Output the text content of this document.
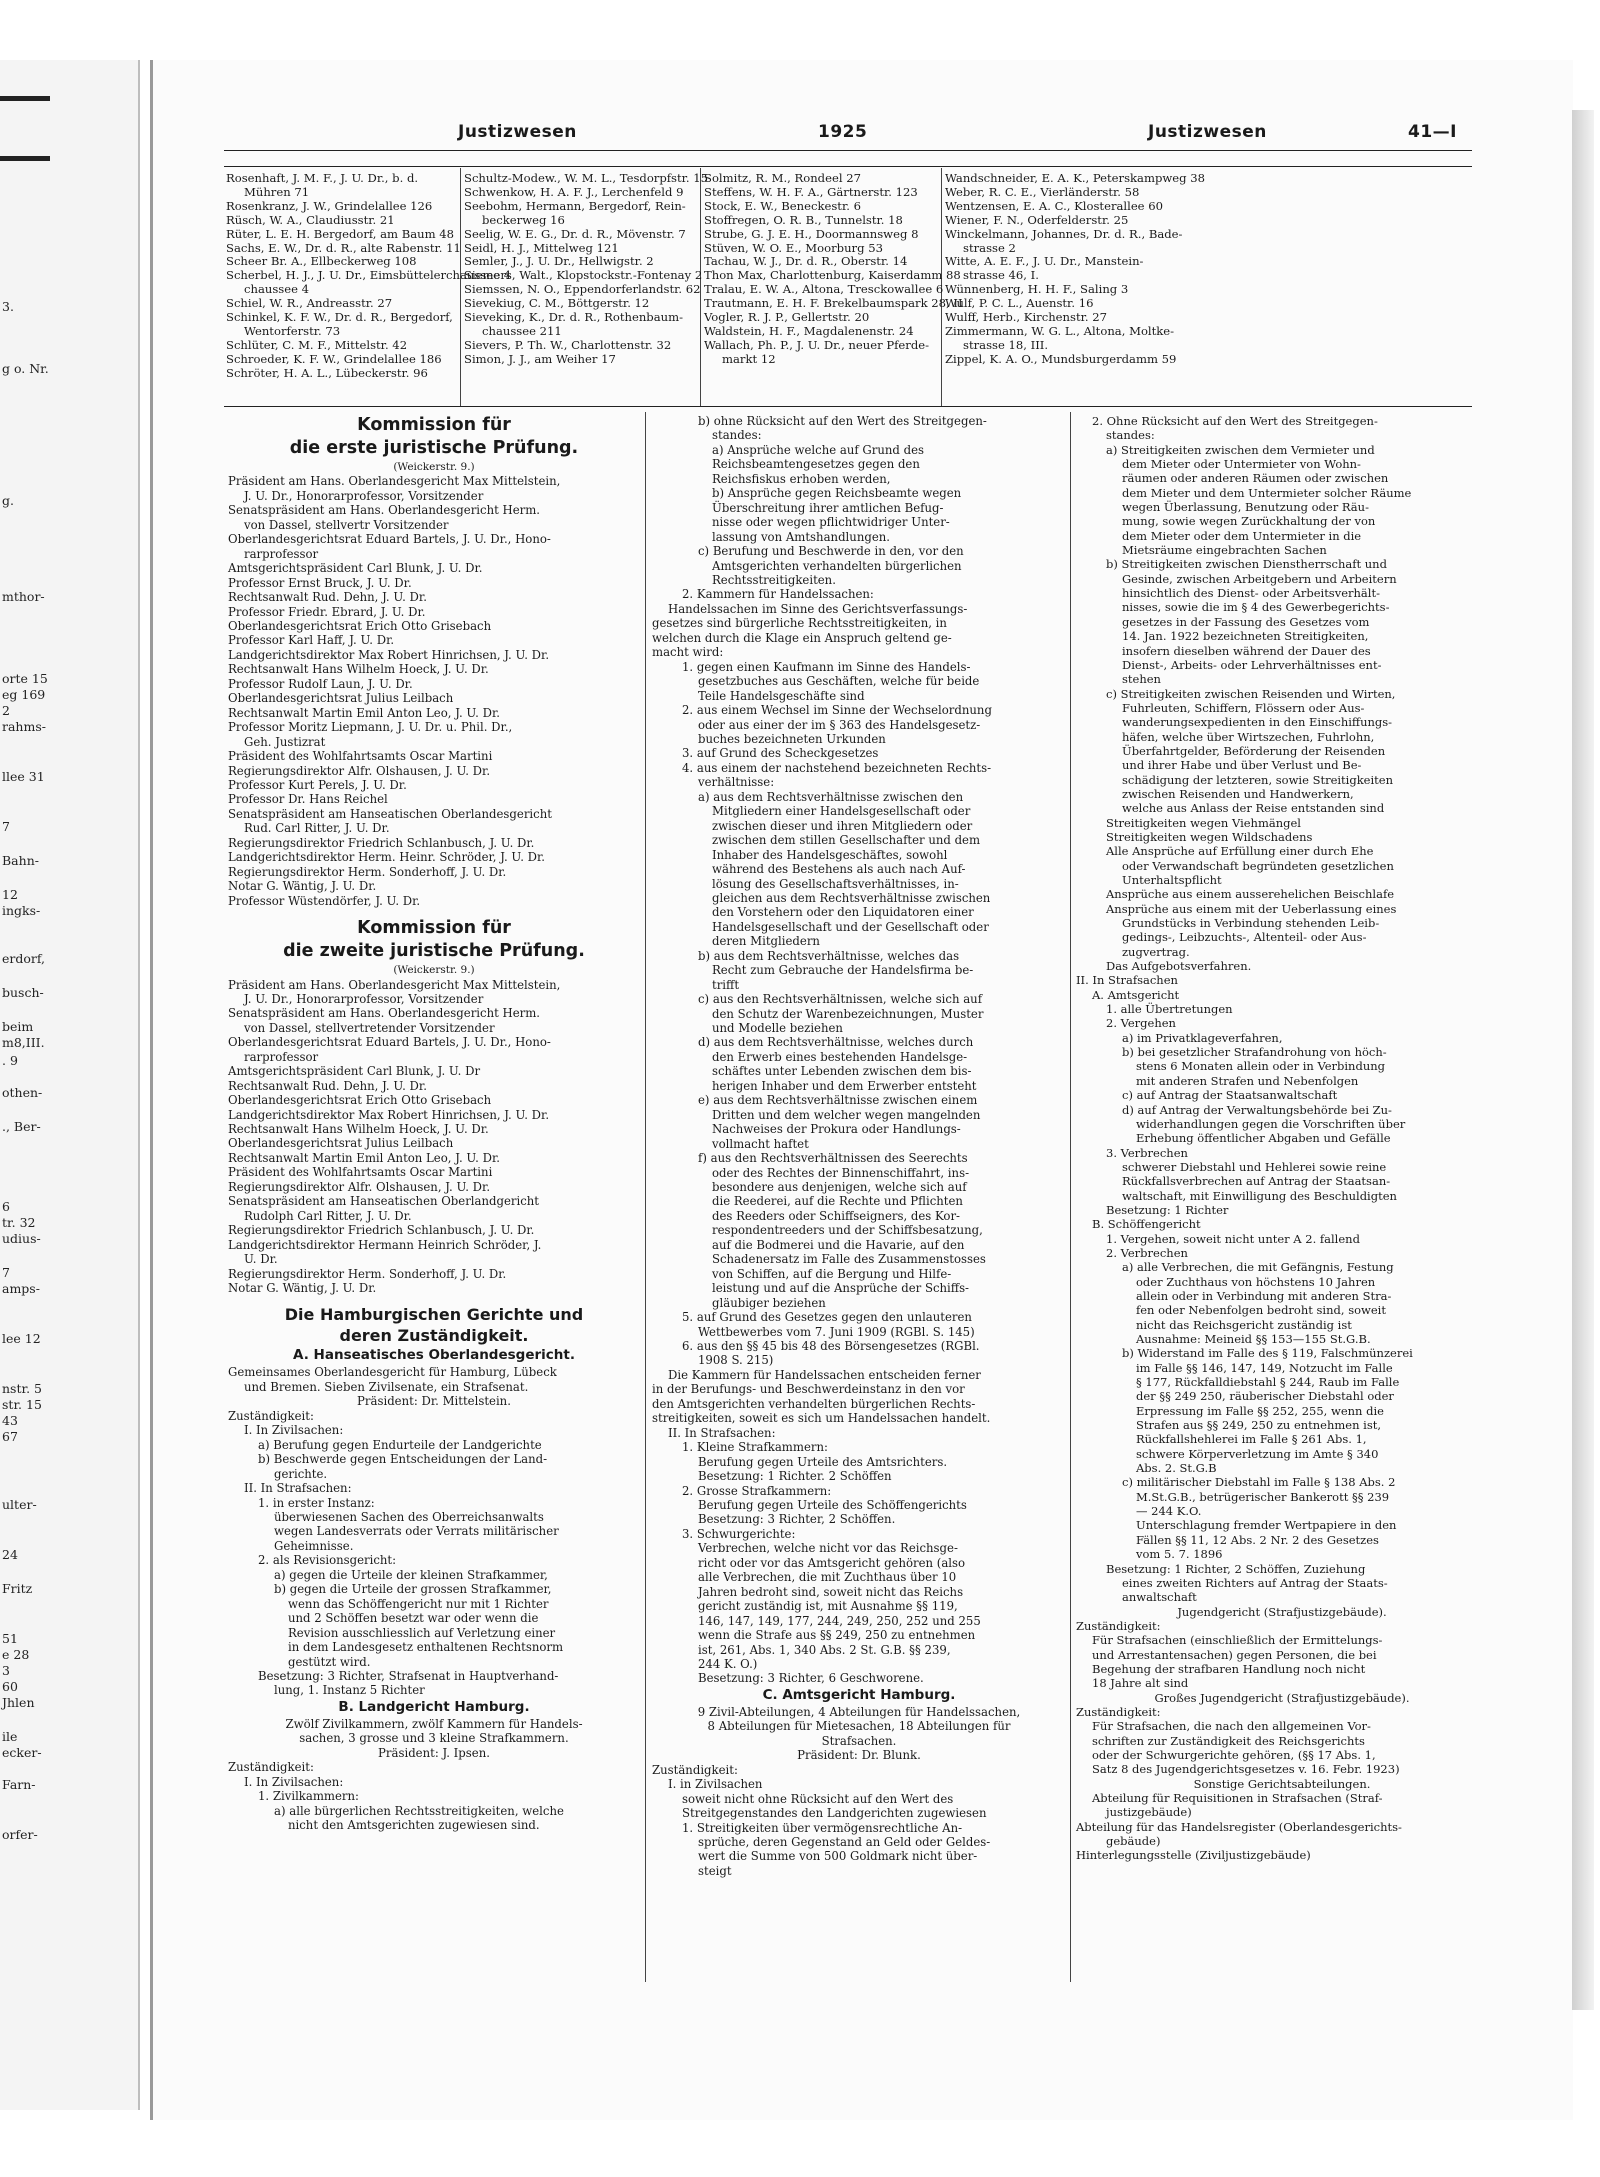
3.
g o. Nr.
g.
mthor-
orte 15
eg 169
2
rahms-
llee 31
7
Bahn-
12
ingks-
erdorf,
busch-
beim
m8,III.
. 9
othen-
., Ber-
6
tr. 32
udius-
7
amps-
lee 12
nstr. 5
str. 15
43
67
ulter-
24
Fritz
51
e 28
3
60
Jhlen
ile
ecker-
Farn-
orfer-
Justizwesen	1925	Justizwesen	41—I
Rosenhaft, J. M. F., J. U. Dr., b. d.
Mühren 71
Rosenkranz, J. W., Grindelallee 126
Rüsch, W. A., Claudiusstr. 21
Rüter, L. E. H. Bergedorf, am Baum 48
Sachs, E. W., Dr. d. R., alte Rabenstr. 11
Scheer Br. A., Ellbeckerweg 108
Scherbel, H. J., J. U. Dr., Eimsbüttelerchaussee 4
chaussee 4
Schiel, W. R., Andreasstr. 27
Schinkel, K. F. W., Dr. d. R., Bergedorf,
Wentorferstr. 73
Schlüter, C. M. F., Mittelstr. 42
Schroeder, K. F. W., Grindelallee 186
Schröter, H. A. L., Lübeckerstr. 96
Schultz-Modew., W. M. L., Tesdorpfstr. 15
Schwenkow, H. A. F. J., Lerchenfeld 9
Seebohm, Hermann, Bergedorf, Rein-
beckerweg 16
Seelig, W. E. G., Dr. d. R., Mövenstr. 7
Seidl, H. J., Mittelweg 121
Semler, J., J. U. Dr., Hellwigstr. 2
Siemers, Walt., Klopstockstr.-Fontenay 2
Siemssen, N. O., Eppendorferlandstr. 62
Sievekiug, C. M., Böttgerstr. 12
Sieveking, K., Dr. d. R., Rothenbaum-
chaussee 211
Sievers, P. Th. W., Charlottenstr. 32
Simon, J. J., am Weiher 17
Solmitz, R. M., Rondeel 27
Steffens, W. H. F. A., Gärtnerstr. 123
Stock, E. W., Beneckestr. 6
Stoffregen, O. R. B., Tunnelstr. 18
Strube, G. J. E. H., Doormannsweg 8
Stüven, W. O. E., Moorburg 53
Tachau, W. J., Dr. d. R., Oberstr. 14
Thon Max, Charlottenburg, Kaiserdamm 88
Tralau, E. W. A., Altona, Tresckowallee 6
Trautmann, E. H. F. Brekelbaumspark 28, II
Vogler, R. J. P., Gellertstr. 20
Waldstein, H. F., Magdalenenstr. 24
Wallach, Ph. P., J. U. Dr., neuer Pferde-
markt 12
Wandschneider, E. A. K., Peterskampweg 38
Weber, R. C. E., Vierländerstr. 58
Wentzensen, E. A. C., Klosterallee 60
Wiener, F. N., Oderfelderstr. 25
Winckelmann, Johannes, Dr. d. R., Bade-
strasse 2
Witte, A. E. F., J. U. Dr., Manstein-
strasse 46, I.
Wünnenberg, H. H. F., Saling 3
Wulf, P. C. L., Auenstr. 16
Wulff, Herb., Kirchenstr. 27
Zimmermann, W. G. L., Altona, Moltke-
strasse 18, III.
Zippel, K. A. O., Mundsburgerdamm 59
Kommission für
die erste juristische Prüfung.
(Weickerstr. 9.)
Präsident am Hans. Oberlandesgericht Max Mittelstein,
J. U. Dr., Honorarprofessor, Vorsitzender
Senatspräsident am Hans. Oberlandesgericht Herm.
von Dassel, stellvertr Vorsitzender
Oberlandesgerichtsrat Eduard Bartels, J. U. Dr., Hono-
rarprofessor
Amtsgerichtspräsident Carl Blunk, J. U. Dr.
Professor Ernst Bruck, J. U. Dr.
Rechtsanwalt Rud. Dehn, J. U. Dr.
Professor Friedr. Ebrard, J. U. Dr.
Oberlandesgerichtsrat Erich Otto Grisebach
Professor Karl Haff, J. U. Dr.
Landgerichtsdirektor Max Robert Hinrichsen, J. U. Dr.
Rechtsanwalt Hans Wilhelm Hoeck, J. U. Dr.
Professor Rudolf Laun, J. U. Dr.
Oberlandesgerichtsrat Julius Leilbach
Rechtsanwalt Martin Emil Anton Leo, J. U. Dr.
Professor Moritz Liepmann, J. U. Dr. u. Phil. Dr.,
Geh. Justizrat
Präsident des Wohlfahrtsamts Oscar Martini
Regierungsdirektor Alfr. Olshausen, J. U. Dr.
Professor Kurt Perels, J. U. Dr.
Professor Dr. Hans Reichel
Senatspräsident am Hanseatischen Oberlandesgericht
Rud. Carl Ritter, J. U. Dr.
Regierungsdirektor Friedrich Schlanbusch, J. U. Dr.
Landgerichtsdirektor Herm. Heinr. Schröder, J. U. Dr.
Regierungsdirektor Herm. Sonderhoff, J. U. Dr.
Notar G. Wäntig, J. U. Dr.
Professor Wüstendörfer, J. U. Dr.
Kommission für
die zweite juristische Prüfung.
(Weickerstr. 9.)
Präsident am Hans. Oberlandesgericht Max Mittelstein,
J. U. Dr., Honorarprofessor, Vorsitzender
Senatspräsident am Hans. Oberlandesgericht Herm.
von Dassel, stellvertretender Vorsitzender
Oberlandesgerichtsrat Eduard Bartels, J. U. Dr., Hono-
rarprofessor
Amtsgerichtspräsident Carl Blunk, J. U. Dr
Rechtsanwalt Rud. Dehn, J. U. Dr.
Oberlandesgerichtsrat Erich Otto Grisebach
Landgerichtsdirektor Max Robert Hinrichsen, J. U. Dr.
Rechtsanwalt Hans Wilhelm Hoeck, J. U. Dr.
Oberlandesgerichtsrat Julius Leilbach
Rechtsanwalt Martin Emil Anton Leo, J. U. Dr.
Präsident des Wohlfahrtsamts Oscar Martini
Regierungsdirektor Alfr. Olshausen, J. U. Dr.
Senatspräsident am Hanseatischen Oberlandgericht
Rudolph Carl Ritter, J. U. Dr.
Regierungsdirektor Friedrich Schlanbusch, J. U. Dr.
Landgerichtsdirektor Hermann Heinrich Schröder, J.
U. Dr.
Regierungsdirektor Herm. Sonderhoff, J. U. Dr.
Notar G. Wäntig, J. U. Dr.
Die Hamburgischen Gerichte und
deren Zuständigkeit.
A. Hanseatisches Oberlandesgericht.
Gemeinsames Oberlandesgericht für Hamburg, Lübeck
und Bremen. Sieben Zivilsenate, ein Strafsenat.
Präsident: Dr. Mittelstein.
Zuständigkeit:
I. In Zivilsachen:
a) Berufung gegen Endurteile der Landgerichte
b) Beschwerde gegen Entscheidungen der Land-
gerichte.
II. In Strafsachen:
1. in erster Instanz:
überwiesenen Sachen des Oberreichsanwalts
wegen Landesverrats oder Verrats militärischer
Geheimnisse.
2. als Revisionsgericht:
a) gegen die Urteile der kleinen Strafkammer,
b) gegen die Urteile der grossen Strafkammer,
wenn das Schöffengericht nur mit 1 Richter
und 2 Schöffen besetzt war oder wenn die
Revision ausschliesslich auf Verletzung einer
in dem Landesgesetz enthaltenen Rechtsnorm
gestützt wird.
Besetzung: 3 Richter, Strafsenat in Hauptverhand-
lung, 1. Instanz 5 Richter
B. Landgericht Hamburg.
Zwölf Zivilkammern, zwölf Kammern für Handels-
sachen, 3 grosse und 3 kleine Strafkammern.
Präsident: J. Ipsen.
Zuständigkeit:
I. In Zivilsachen:
1. Zivilkammern:
a) alle bürgerlichen Rechtsstreitigkeiten, welche
nicht den Amtsgerichten zugewiesen sind.
b) ohne Rücksicht auf den Wert des Streitgegen-
standes:
a) Ansprüche welche auf Grund des
Reichsbeamtengesetzes gegen den
Reichsfiskus erhoben werden,
b) Ansprüche gegen Reichsbeamte wegen
Überschreitung ihrer amtlichen Befug-
nisse oder wegen pflichtwidriger Unter-
lassung von Amtshandlungen.
c) Berufung und Beschwerde in den, vor den
Amtsgerichten verhandelten bürgerlichen
Rechtsstreitigkeiten.
2. Kammern für Handelssachen:
Handelssachen im Sinne des Gerichtsverfassungs-
gesetzes sind bürgerliche Rechtsstreitigkeiten, in
welchen durch die Klage ein Anspruch geltend ge-
macht wird:
1. gegen einen Kaufmann im Sinne des Handels-
gesetzbuches aus Geschäften, welche für beide
Teile Handelsgeschäfte sind
2. aus einem Wechsel im Sinne der Wechselordnung
oder aus einer der im § 363 des Handelsgesetz-
buches bezeichneten Urkunden
3. auf Grund des Scheckgesetzes
4. aus einem der nachstehend bezeichneten Rechts-
verhältnisse:
a) aus dem Rechtsverhältnisse zwischen den
Mitgliedern einer Handelsgesellschaft oder
zwischen dieser und ihren Mitgliedern oder
zwischen dem stillen Gesellschafter und dem
Inhaber des Handelsgeschäftes, sowohl
während des Bestehens als auch nach Auf-
lösung des Gesellschaftsverhältnisses, in-
gleichen aus dem Rechtsverhältnisse zwischen
den Vorstehern oder den Liquidatoren einer
Handelsgesellschaft und der Gesellschaft oder
deren Mitgliedern
b) aus dem Rechtsverhältnisse, welches das
Recht zum Gebrauche der Handelsfirma be-
trifft
c) aus den Rechtsverhältnissen, welche sich auf
den Schutz der Warenbezeichnungen, Muster
und Modelle beziehen
d) aus dem Rechtsverhältnisse, welches durch
den Erwerb eines bestehenden Handelsge-
schäftes unter Lebenden zwischen dem bis-
herigen Inhaber und dem Erwerber entsteht
e) aus dem Rechtsverhältnisse zwischen einem
Dritten und dem welcher wegen mangelnden
Nachweises der Prokura oder Handlungs-
vollmacht haftet
f) aus den Rechtsverhältnissen des Seerechts
oder des Rechtes der Binnenschiffahrt, ins-
besondere aus denjenigen, welche sich auf
die Reederei, auf die Rechte und Pflichten
des Reeders oder Schiffseigners, des Kor-
respondentreeders und der Schiffsbesatzung,
auf die Bodmerei und die Havarie, auf den
Schadenersatz im Falle des Zusammenstosses
von Schiffen, auf die Bergung und Hilfe-
leistung und auf die Ansprüche der Schiffs-
gläubiger beziehen
5. auf Grund des Gesetzes gegen den unlauteren
Wettbewerbes vom 7. Juni 1909 (RGBl. S. 145)
6. aus den §§ 45 bis 48 des Börsengesetzes (RGBl.
1908 S. 215)
Die Kammern für Handelssachen entscheiden ferner
in der Berufungs- und Beschwerdeinstanz in den vor
den Amtsgerichten verhandelten bürgerlichen Rechts-
streitigkeiten, soweit es sich um Handelssachen handelt.
II. In Strafsachen:
1. Kleine Strafkammern:
Berufung gegen Urteile des Amtsrichters.
Besetzung: 1 Richter. 2 Schöffen
2. Grosse Strafkammern:
Berufung gegen Urteile des Schöffengerichts
Besetzung: 3 Richter, 2 Schöffen.
3. Schwurgerichte:
Verbrechen, welche nicht vor das Reichsge-
richt oder vor das Amtsgericht gehören (also
alle Verbrechen, die mit Zuchthaus über 10
Jahren bedroht sind, soweit nicht das Reichs
gericht zuständig ist, mit Ausnahme §§ 119,
146, 147, 149, 177, 244, 249, 250, 252 und 255
wenn die Strafe aus §§ 249, 250 zu entnehmen
ist, 261, Abs. 1, 340 Abs. 2 St. G.B. §§ 239,
244 K. O.)
Besetzung: 3 Richter, 6 Geschworene.
C. Amtsgericht Hamburg.
9 Zivil-Abteilungen, 4 Abteilungen für Handelssachen,
8 Abteilungen für Mietesachen, 18 Abteilungen für
Strafsachen.
Präsident: Dr. Blunk.
Zuständigkeit:
I. in Zivilsachen
soweit nicht ohne Rücksicht auf den Wert des
Streitgegenstandes den Landgerichten zugewiesen
1. Streitigkeiten über vermögensrechtliche An-
sprüche, deren Gegenstand an Geld oder Geldes-
wert die Summe von 500 Goldmark nicht über-
steigt
2. Ohne Rücksicht auf den Wert des Streitgegen-
standes:
a) Streitigkeiten zwischen dem Vermieter und
dem Mieter oder Untermieter von Wohn-
räumen oder anderen Räumen oder zwischen
dem Mieter und dem Untermieter solcher Räume
wegen Überlassung, Benutzung oder Räu-
mung, sowie wegen Zurückhaltung der von
dem Mieter oder dem Untermieter in die
Mietsräume eingebrachten Sachen
b) Streitigkeiten zwischen Dienstherrschaft und
Gesinde, zwischen Arbeitgebern und Arbeitern
hinsichtlich des Dienst- oder Arbeitsverhält-
nisses, sowie die im § 4 des Gewerbegerichts-
gesetzes in der Fassung des Gesetzes vom
14. Jan. 1922 bezeichneten Streitigkeiten,
insofern dieselben während der Dauer des
Dienst-, Arbeits- oder Lehrverhältnisses ent-
stehen
c) Streitigkeiten zwischen Reisenden und Wirten,
Fuhrleuten, Schiffern, Flössern oder Aus-
wanderungsexpedienten in den Einschiffungs-
häfen, welche über Wirtszechen, Fuhrlohn,
Überfahrtgelder, Beförderung der Reisenden
und ihrer Habe und über Verlust und Be-
schädigung der letzteren, sowie Streitigkeiten
zwischen Reisenden und Handwerkern,
welche aus Anlass der Reise entstanden sind
Streitigkeiten wegen Viehmängel
Streitigkeiten wegen Wildschadens
Alle Ansprüche auf Erfüllung einer durch Ehe
oder Verwandschaft begründeten gesetzlichen
Unterhaltspflicht
Ansprüche aus einem ausserehelichen Beischlafe
Ansprüche aus einem mit der Ueberlassung eines
Grundstücks in Verbindung stehenden Leib-
gedings-, Leibzuchts-, Altenteil- oder Aus-
zugvertrag.
Das Aufgebotsverfahren.
II. In Strafsachen
A. Amtsgericht
1. alle Übertretungen
2. Vergehen
a) im Privatklageverfahren,
b) bei gesetzlicher Strafandrohung von höch-
stens 6 Monaten allein oder in Verbindung
mit anderen Strafen und Nebenfolgen
c) auf Antrag der Staatsanwaltschaft
d) auf Antrag der Verwaltungsbehörde bei Zu-
widerhandlungen gegen die Vorschriften über
Erhebung öffentlicher Abgaben und Gefälle
3. Verbrechen
schwerer Diebstahl und Hehlerei sowie reine
Rückfallsverbrechen auf Antrag der Staatsan-
waltschaft, mit Einwilligung des Beschuldigten
Besetzung: 1 Richter
B. Schöffengericht
1. Vergehen, soweit nicht unter A 2. fallend
2. Verbrechen
a) alle Verbrechen, die mit Gefängnis, Festung
oder Zuchthaus von höchstens 10 Jahren
allein oder in Verbindung mit anderen Stra-
fen oder Nebenfolgen bedroht sind, soweit
nicht das Reichsgericht zuständig ist
Ausnahme: Meineid §§ 153—155 St.G.B.
b) Widerstand im Falle des § 119, Falschmünzerei
im Falle §§ 146, 147, 149, Notzucht im Falle
§ 177, Rückfalldiebstahl § 244, Raub im Falle
der §§ 249 250, räuberischer Diebstahl oder
Erpressung im Falle §§ 252, 255, wenn die
Strafen aus §§ 249, 250 zu entnehmen ist,
Rückfallshehlerei im Falle § 261 Abs. 1,
schwere Körperverletzung im Amte § 340
Abs. 2. St.G.B
c) militärischer Diebstahl im Falle § 138 Abs. 2
M.St.G.B., betrügerischer Bankerott §§ 239
— 244 K.O.
Unterschlagung fremder Wertpapiere in den
Fällen §§ 11, 12 Abs. 2 Nr. 2 des Gesetzes
vom 5. 7. 1896
Besetzung: 1 Richter, 2 Schöffen, Zuziehung
eines zweiten Richters auf Antrag der Staats-
anwaltschaft
Jugendgericht (Strafjustizgebäude).
Zuständigkeit:
Für Strafsachen (einschließlich der Ermittelungs-
und Arrestantensachen) gegen Personen, die bei
Begehung der strafbaren Handlung noch nicht
18 Jahre alt sind
Großes Jugendgericht (Strafjustizgebäude).
Zuständigkeit:
Für Strafsachen, die nach den allgemeinen Vor-
schriften zur Zuständigkeit des Reichsgerichts
oder der Schwurgerichte gehören, (§§ 17 Abs. 1,
Satz 8 des Jugendgerichtsgesetzes v. 16. Febr. 1923)
Sonstige Gerichtsabteilungen.
Abteilung für Requisitionen in Strafsachen (Straf-
justizgebäude)
Abteilung für das Handelsregister (Oberlandesgerichts-
gebäude)
Hinterlegungsstelle (Ziviljustizgebäude)
